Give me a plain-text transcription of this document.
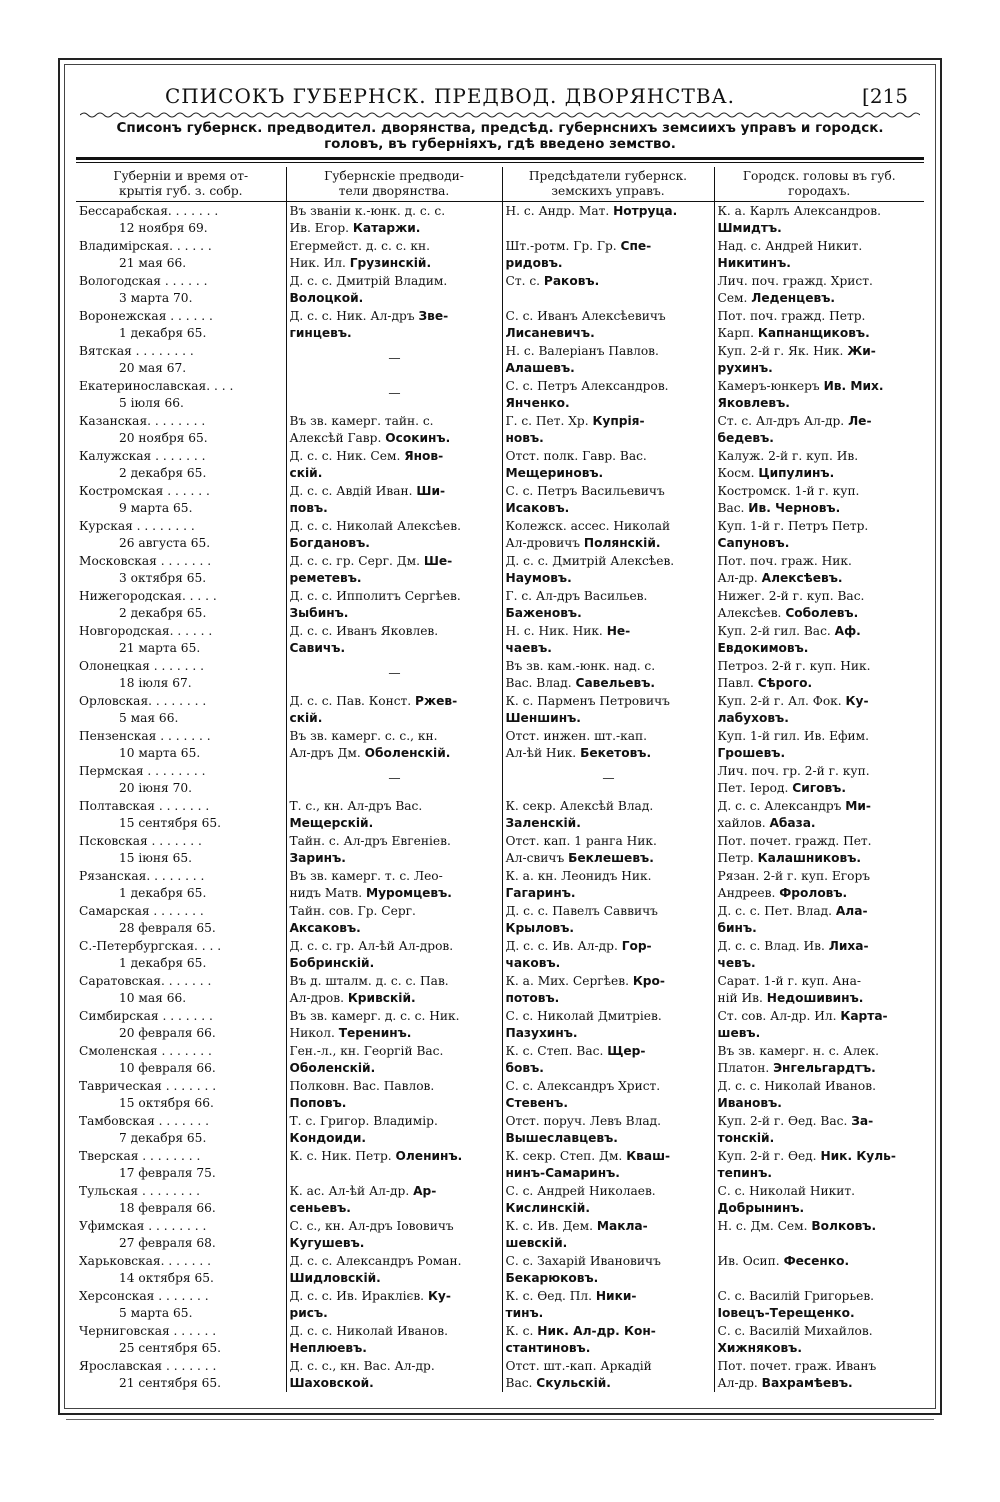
СПИСОКЪ ГУБЕРНСК. ПРЕДВОД. ДВОРЯНСТВА.	[215
Списонъ губернск. предводител. дворянства, предсѣд. губернснихъ земсиихъ управъ и городск.
головъ, въ губерніяхъ, гдѣ введено земство.
Губерніи и время от-
крытія губ. з. собр.	Губернскіе предводи-
тели дворянства.	Предсѣдатели губернск.
земскихъ управъ.	Городск. головы въ губ.
городахъ.

Бессарабская. . . . . . .
12 ноября 69.	Въ званіи к.-юнк. д. с. с.
Ив. Егор. Катаржи.	Н. с. Андр. Мат. Нотруца.	К. а. Карлъ Александров.
Шмидтъ.

Владимірская. . . . . .
21 мая 66.	Егермейст. д. с. с. кн.
Ник. Ил. Грузинскій.	Шт.-ротм. Гр. Гр. Спе-
ридовъ.	Над. с. Андрей Никит.
Никитинъ.

Вологодская . . . . . .
3 марта 70.	Д. с. с. Дмитрій Владим.
Волоцкой.	Ст. с. Раковъ.	Лич. поч. гражд. Христ.
Сем. Леденцевъ.

Воронежская . . . . . .
1 декабря 65.	Д. с. с. Ник. Ал-дръ Зве-
гинцевъ.	С. с. Иванъ Алексѣевичъ
Лисаневичъ.	Пот. поч. гражд. Петр.
Карп. Капнанщиковъ.

Вятская . . . . . . . .
20 мая 67.	—	Н. с. Валеріанъ Павлов.
Алашевъ.	Куп. 2-й г. Як. Ник. Жи-
рухинъ.

Екатеринославская. . . .
5 іюля 66.	—	С. с. Петръ Александров.
Янченко.	Камеръ-юнкеръ Ив. Мих.
Яковлевъ.

Казанская. . . . . . . .
20 ноября 65.	Въ зв. камерг. тайн. с.
Алексѣй Гавр. Осокинъ.	Г. с. Пет. Хр. Купрія-
новъ.	Ст. с. Ал-дръ Ал-др. Ле-
бедевъ.

Калужская . . . . . . .
2 декабря 65.	Д. с. с. Ник. Сем. Янов-
скій.	Отст. полк. Гавр. Вас.
Мещериновъ.	Калуж. 2-й г. куп. Ив.
Косм. Ципулинъ.

Костромская . . . . . .
9 марта 65.	Д. с. с. Авдій Иван. Ши-
повъ.	С. с. Петръ Васильевичъ
Исаковъ.	Костромск. 1-й г. куп.
Вас. Ив. Черновъ.

Курская . . . . . . . .
26 августа 65.	Д. с. с. Николай Алексѣев.
Богдановъ.	Колежск. ассес. Николай
Ал-дровичъ Полянскій.	Куп. 1-й г. Петръ Петр.
Сапуновъ.

Московская . . . . . . .
3 октября 65.	Д. с. с. гр. Серг. Дм. Ше-
реметевъ.	Д. с. с. Дмитрій Алексѣев.
Наумовъ.	Пот. поч. граж. Ник.
Ал-др. Алексѣевъ.

Нижегородская. . . . .
2 декабря 65.	Д. с. с. Ипполитъ Сергѣев.
Зыбинъ.	Г. с. Ал-дръ Васильев.
Баженовъ.	Нижег. 2-й г. куп. Вас.
Алексѣев. Соболевъ.

Новгородская. . . . . .
21 марта 65.	Д. с. с. Иванъ Яковлев.
Савичъ.	Н. с. Ник. Ник. Не-
чаевъ.	Куп. 2-й гил. Вас. Аф.
Евдокимовъ.

Олонецкая . . . . . . .
18 іюля 67.	—	Въ зв. кам.-юнк. над. с.
Вас. Влад. Савельевъ.	Петроз. 2-й г. куп. Ник.
Павл. Сѣрого.

Орловская. . . . . . . .
5 мая 66.	Д. с. с. Пав. Конст. Ржев-
скій.	К. с. Парменъ Петровичъ
Шеншинъ.	Куп. 2-й г. Ал. Фок. Ку-
лабуховъ.

Пензенская . . . . . . .
10 марта 65.	Въ зв. камерг. с. с., кн.
Ал-дръ Дм. Оболенскій.	Отст. инжен. шт.-кап.
Ал-ѣй Ник. Бекетовъ.	Куп. 1-й гил. Ив. Ефим.
Грошевъ.

Пермская . . . . . . . .
20 іюня 70.	—	—	Лич. поч. гр. 2-й г. куп.
Пет. Іерод. Сиговъ.

Полтавская . . . . . . .
15 сентября 65.	Т. с., кн. Ал-дръ Вас.
Мещерскій.	К. секр. Алексѣй Влад.
Заленскій.	Д. с. с. Александръ Ми-
хайлов. Абаза.

Псковская . . . . . . .
15 іюня 65.	Тайн. с. Ал-дръ Евгеніев.
Заринъ.	Отст. кап. 1 ранга Ник.
Ал-свичъ Беклешевъ.	Пот. почет. гражд. Пет.
Петр. Калашниковъ.

Рязанская. . . . . . . .
1 декабря 65.	Въ зв. камерг. т. с. Лео-
нидъ Матв. Муромцевъ.	К. а. кн. Леонидъ Ник.
Гагаринъ.	Рязан. 2-й г. куп. Егоръ
Андреев. Фроловъ.

Самарская . . . . . . .
28 февраля 65.	Тайн. сов. Гр. Серг.
Аксаковъ.	Д. с. с. Павелъ Саввичъ
Крыловъ.	Д. с. с. Пет. Влад. Ала-
бинъ.

С.-Петербургская. . . .
1 декабря 65.	Д. с. с. гр. Ал-ѣй Ал-дров.
Бобринскій.	Д. с. с. Ив. Ал-др. Гор-
чаковъ.	Д. с. с. Влад. Ив. Лиха-
чевъ.

Саратовская. . . . . . .
10 мая 66.	Въ д. шталм. д. с. с. Пав.
Ал-дров. Кривскій.	К. а. Мих. Сергѣев. Кро-
потовъ.	Сарат. 1-й г. куп. Ана-
ній Ив. Недошивинъ.

Симбирская . . . . . . .
20 февраля 66.	Въ зв. камерг. д. с. с. Ник.
Никол. Теренинъ.	С. с. Николай Дмитріев.
Пазухинъ.	Ст. сов. Ал-др. Ил. Карта-
шевъ.

Смоленская . . . . . . .
10 февраля 66.	Ген.-л., кн. Георгій Вас.
Оболенскій.	К. с. Степ. Вас. Щер-
бовъ.	Въ зв. камерг. н. с. Алек.
Платон. Энгельгардтъ.

Таврическая . . . . . . .
15 октября 66.	Полковн. Вас. Павлов.
Поповъ.	С. с. Александръ Христ.
Стевенъ.	Д. с. с. Николай Иванов.
Ивановъ.

Тамбовская . . . . . . .
7 декабря 65.	Т. с. Григор. Владимір.
Кондоиди.	Отст. поруч. Левъ Влад.
Вышеславцевъ.	Куп. 2-й г. Ѳед. Вас. За-
тонскій.

Тверская . . . . . . . .
17 февраля 75.	К. с. Ник. Петр. Оленинъ.	К. секр. Степ. Дм. Кваш-
нинъ-Самаринъ.	Куп. 2-й г. Ѳед. Ник. Куль-
тепинъ.

Тульская . . . . . . . .
18 февраля 66.	К. ас. Ал-ѣй Ал-др. Ар-
сеньевъ.	С. с. Андрей Николаев.
Кислинскій.	С. с. Николай Никит.
Добрынинъ.

Уфимская . . . . . . . .
27 февраля 68.	С. с., кн. Ал-дръ Іововичъ
Кугушевъ.	К. с. Ив. Дем. Макла-
шевскій.	Н. с. Дм. Сем. Волковъ.

Харьковская. . . . . . .
14 октября 65.	Д. с. с. Александръ Роман.
Шидловскій.	С. с. Захарій Ивановичъ
Бекарюковъ.	Ив. Осип. Фесенко.

Херсонская . . . . . . .
5 марта 65.	Д. с. с. Ив. Ираклієв. Ку-
рисъ.	К. с. Ѳед. Пл. Ники-
тинъ.	С. с. Василій Григорьев.
Іовецъ-Терещенко.

Черниговская . . . . . .
25 сентября 65.	Д. с. с. Николай Иванов.
Неплюевъ.	К. с. Ник. Ал-др. Кон-
стантиновъ.	С. с. Василій Михайлов.
Хижняковъ.

Ярославская . . . . . . .
21 сентября 65.	Д. с. с., кн. Вас. Ал-др.
Шаховской.	Отст. шт.-кап. Аркадій
Вас. Скульскій.	Пот. почет. граж. Иванъ
Ал-др. Вахрамѣевъ.
